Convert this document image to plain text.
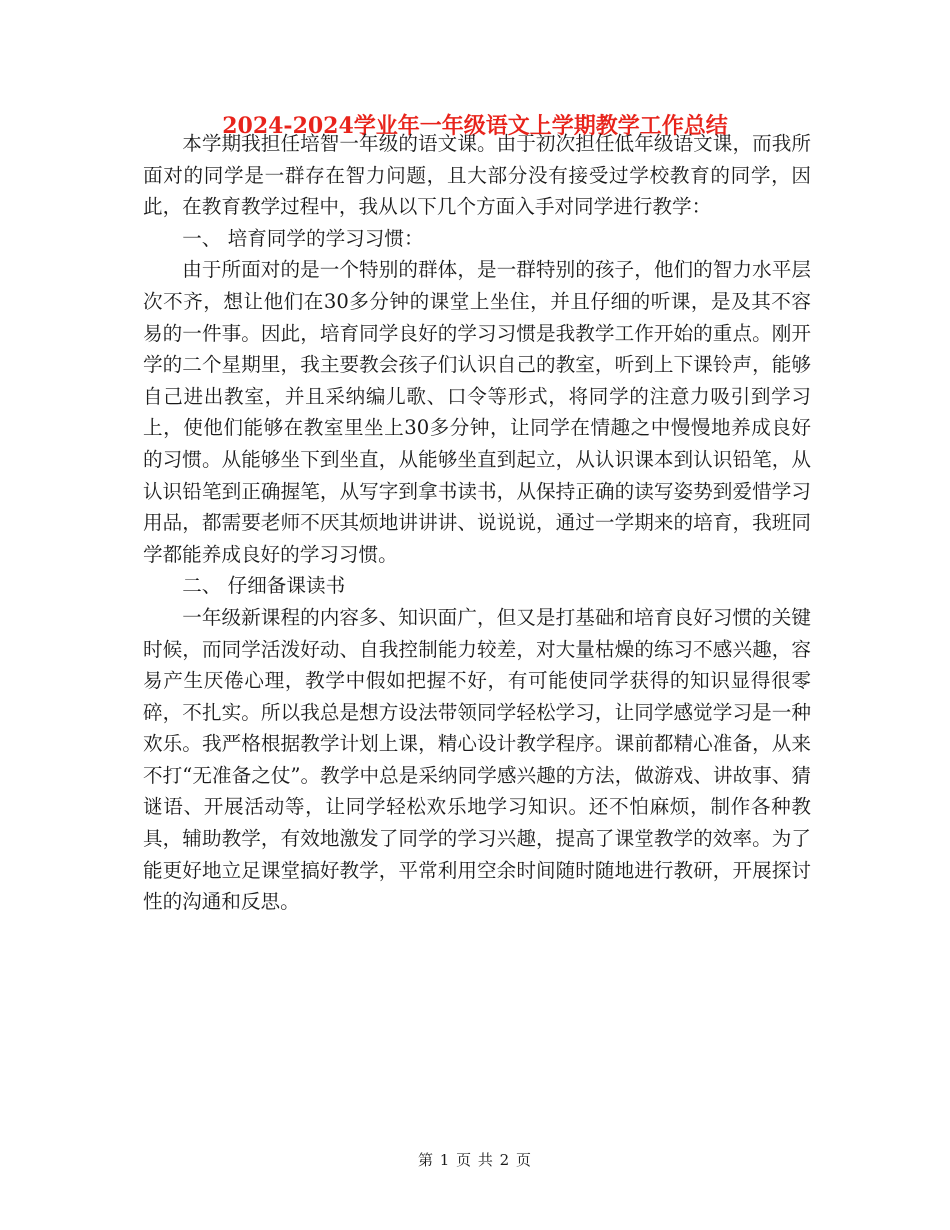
2024-2024学业年一年级语文上学期教学工作总结

本学期我担任培智一年级的语文课。由于初次担任低年级语文课，而我所面对的同学是一群存在智力问题，且大部分没有接受过学校教育的同学，因此，在教育教学过程中，我从以下几个方面入手对同学进行教学：

一、 培育同学的学习习惯：

由于所面对的是一个特别的群体，是一群特别的孩子，他们的智力水平层次不齐，想让他们在30多分钟的课堂上坐住，并且仔细的听课，是及其不容易的一件事。因此，培育同学良好的学习习惯是我教学工作开始的重点。刚开学的二个星期里，我主要教会孩子们认识自己的教室，听到上下课铃声，能够自己进出教室，并且采纳编儿歌、口令等形式，将同学的注意力吸引到学习上，使他们能够在教室里坐上30多分钟，让同学在情趣之中慢慢地养成良好的习惯。从能够坐下到坐直，从能够坐直到起立，从认识课本到认识铅笔，从认识铅笔到正确握笔，从写字到拿书读书，从保持正确的读写姿势到爱惜学习用品，都需要老师不厌其烦地讲讲讲、说说说，通过一学期来的培育，我班同学都能养成良好的学习习惯。

二、 仔细备课读书

一年级新课程的内容多、知识面广，但又是打基础和培育良好习惯的关键时候，而同学活泼好动、自我控制能力较差，对大量枯燥的练习不感兴趣，容易产生厌倦心理，教学中假如把握不好，有可能使同学获得的知识显得很零碎，不扎实。所以我总是想方设法带领同学轻松学习，让同学感觉学习是一种欢乐。我严格根据教学计划上课，精心设计教学程序。课前都精心准备，从来不打“无准备之仗”。教学中总是采纳同学感兴趣的方法，做游戏、讲故事、猜谜语、开展活动等，让同学轻松欢乐地学习知识。还不怕麻烦，制作各种教具，辅助教学，有效地激发了同学的学习兴趣，提高了课堂教学的效率。为了能更好地立足课堂搞好教学，平常利用空余时间随时随地进行教研，开展探讨性的沟通和反思。

第 1 页 共 2 页
